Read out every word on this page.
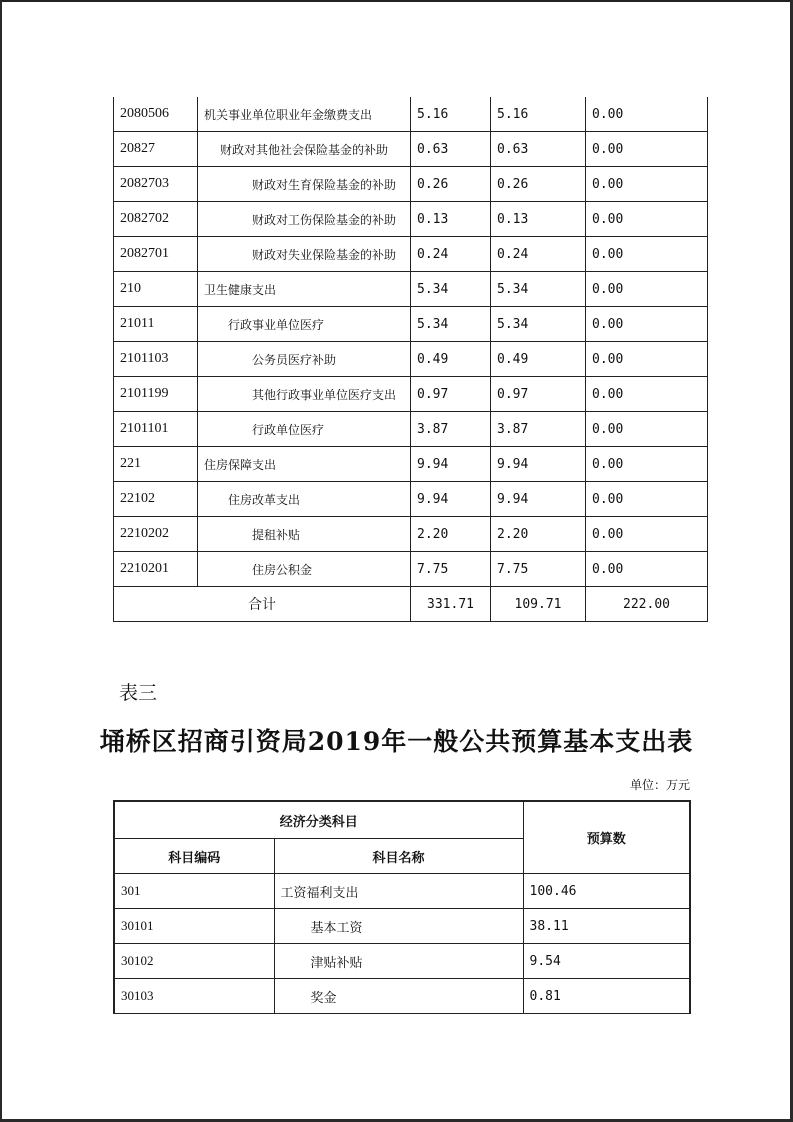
2080506	机关事业单位职业年金缴费支出	5.16	5.16	0.00
20827	财政对其他社会保险基金的补助	0.63	0.63	0.00
2082703	财政对生育保险基金的补助	0.26	0.26	0.00
2082702	财政对工伤保险基金的补助	0.13	0.13	0.00
2082701	财政对失业保险基金的补助	0.24	0.24	0.00
210	卫生健康支出	5.34	5.34	0.00
21011	行政事业单位医疗	5.34	5.34	0.00
2101103	公务员医疗补助	0.49	0.49	0.00
2101199	其他行政事业单位医疗支出	0.97	0.97	0.00
2101101	行政单位医疗	3.87	3.87	0.00
221	住房保障支出	9.94	9.94	0.00
22102	住房改革支出	9.94	9.94	0.00
2210202	提租补贴	2.20	2.20	0.00
2210201	住房公积金	7.75	7.75	0.00
合计		331.71	109.71	222.00
表三
埇桥区招商引资局2019年一般公共预算基本支出表
单位：万元
经济分类科目		预算数
科目编码	科目名称	
301	工资福利支出	100.46
30101	基本工资	38.11
30102	津贴补贴	9.54
30103	奖金	0.81
